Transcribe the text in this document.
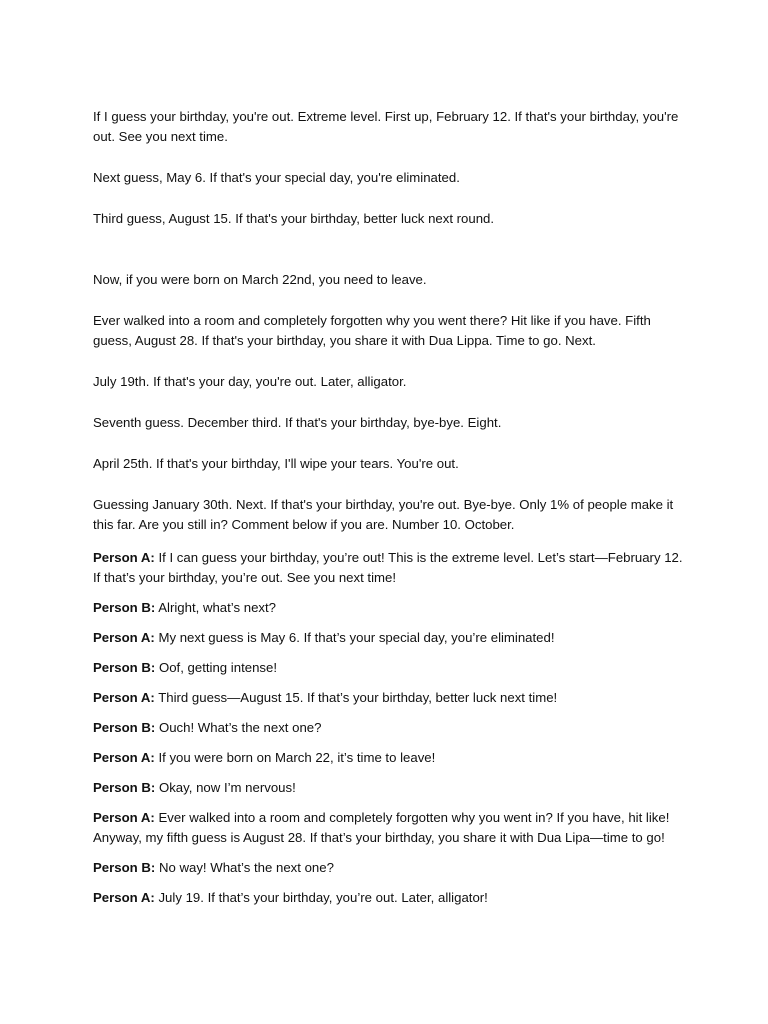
If I guess your birthday, you're out. Extreme level. First up, February 12. If that's your birthday, you're out. See you next time.

Next guess, May 6. If that's your special day, you're eliminated.

Third guess, August 15. If that's your birthday, better luck next round.

Now, if you were born on March 22nd, you need to leave.

Ever walked into a room and completely forgotten why you went there? Hit like if you have. Fifth guess, August 28. If that's your birthday, you share it with Dua Lippa. Time to go. Next.

July 19th. If that's your day, you're out. Later, alligator.

Seventh guess. December third. If that's your birthday, bye-bye. Eight.

April 25th. If that's your birthday, I'll wipe your tears. You're out.

Guessing January 30th. Next. If that's your birthday, you're out. Bye-bye. Only 1% of people make it this far. Are you still in? Comment below if you are. Number 10. October.

Person A: If I can guess your birthday, you’re out! This is the extreme level. Let’s start—February 12. If that’s your birthday, you’re out. See you next time!

Person B: Alright, what’s next?

Person A: My next guess is May 6. If that’s your special day, you’re eliminated!

Person B: Oof, getting intense!

Person A: Third guess—August 15. If that’s your birthday, better luck next time!

Person B: Ouch! What’s the next one?

Person A: If you were born on March 22, it’s time to leave!

Person B: Okay, now I’m nervous!

Person A: Ever walked into a room and completely forgotten why you went in? If you have, hit like! Anyway, my fifth guess is August 28. If that’s your birthday, you share it with Dua Lipa—time to go!

Person B: No way! What’s the next one?

Person A: July 19. If that’s your birthday, you’re out. Later, alligator!
